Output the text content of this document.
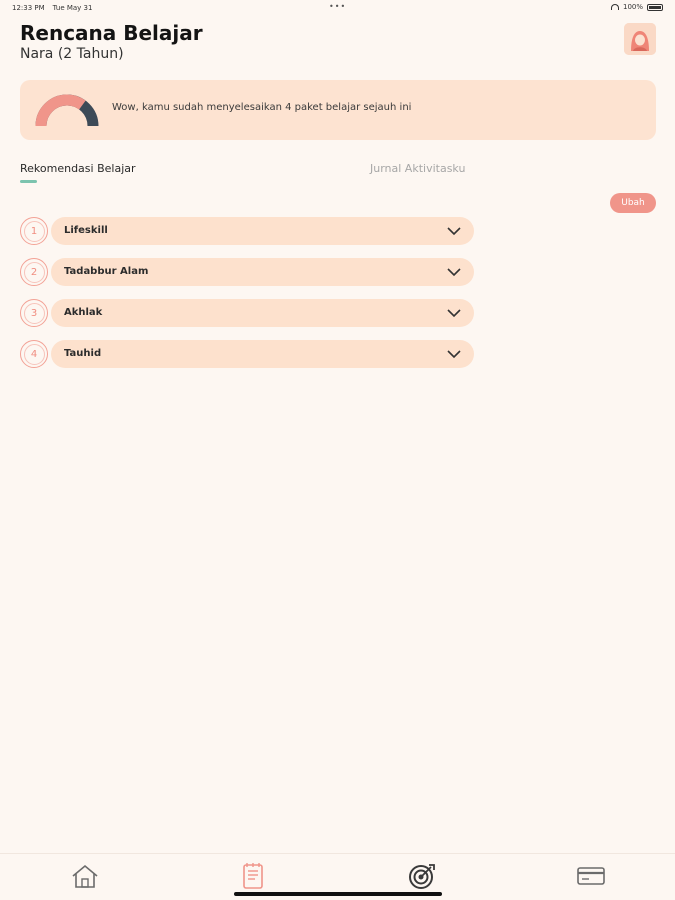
12:33 PM Tue May 31	•••	100%
Rencana Belajar
Nara (2 Tahun)
Wow, kamu sudah menyelesaikan 4 paket belajar sejauh ini
Rekomendasi Belajar	Jurnal Aktivitasku
Ubah
1	Lifeskill
2	Tadabbur Alam
3	Akhlak
4	Tauhid
